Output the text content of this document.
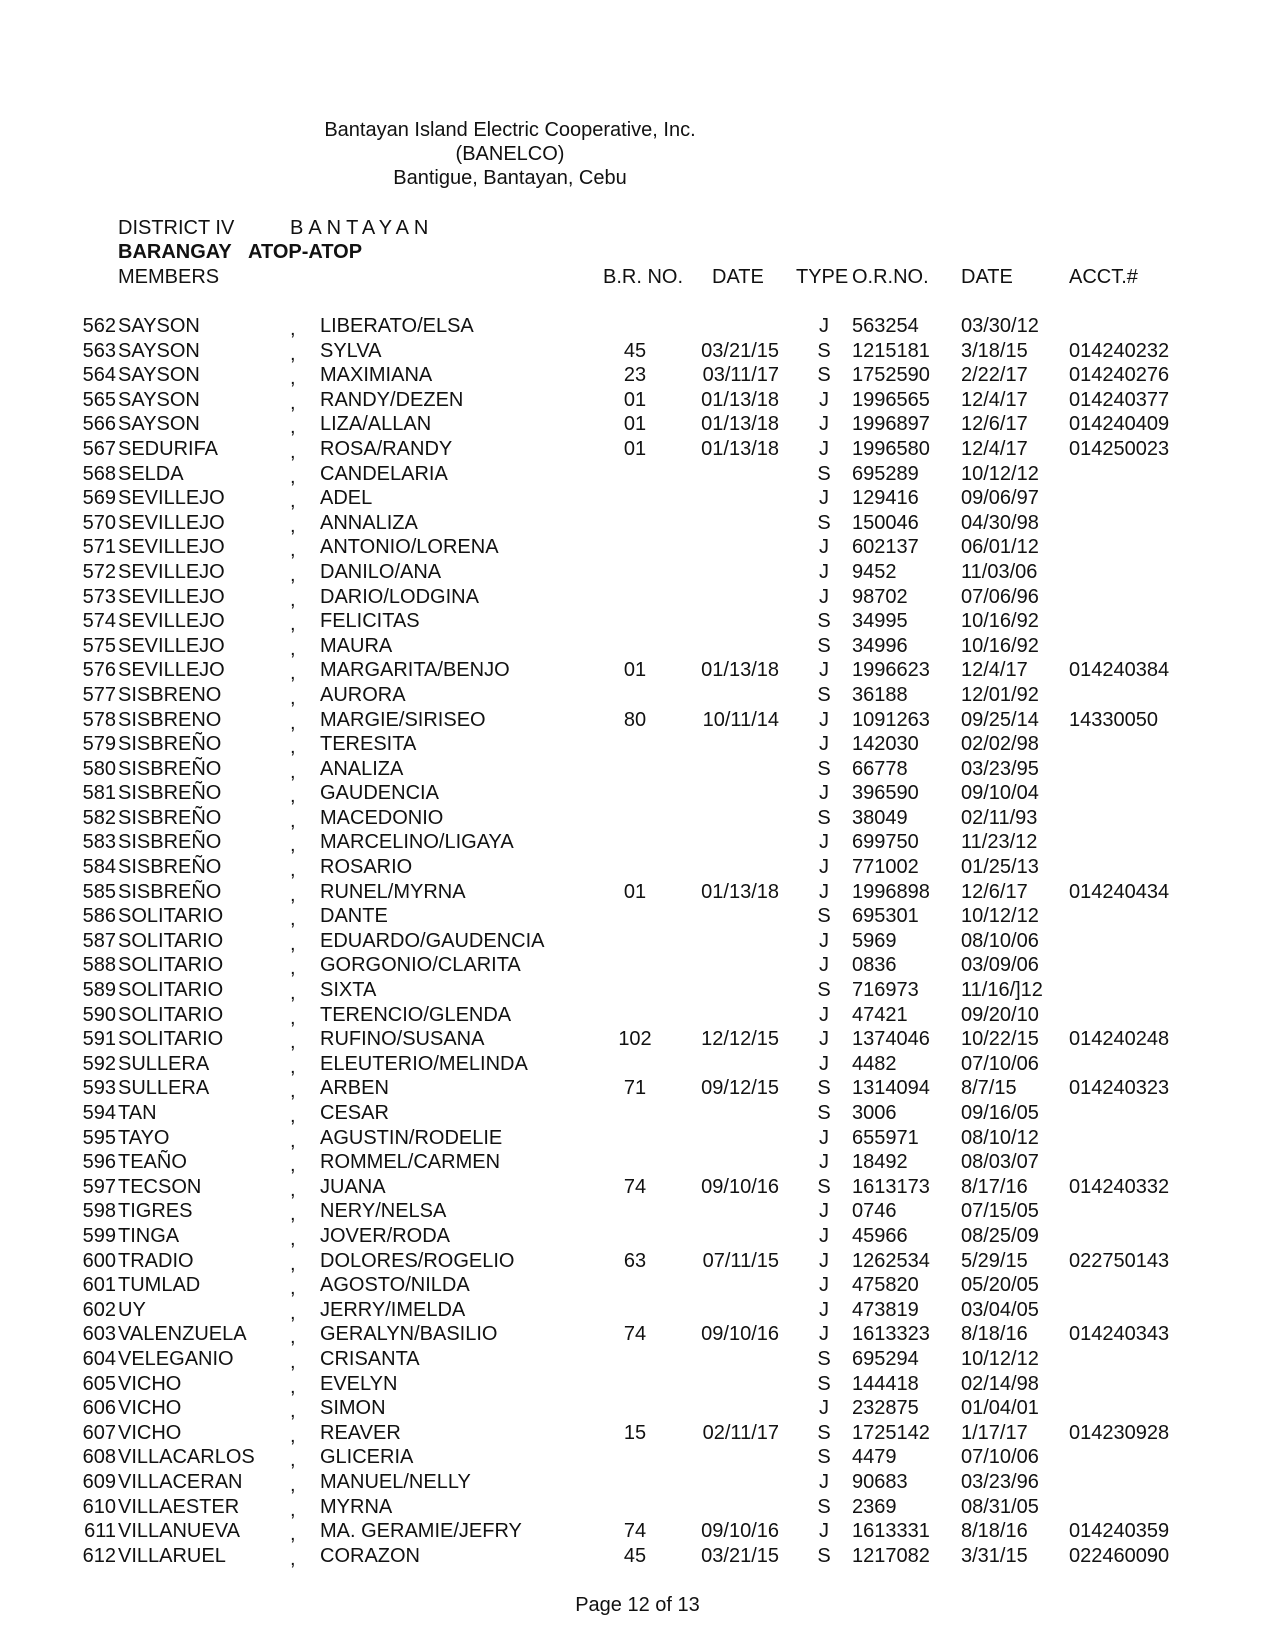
Bantayan Island Electric Cooperative, Inc.
(BANELCO)
Bantigue, Bantayan, Cebu
DISTRICT IV	BANTAYAN
BARANGAY ATOP-ATOP
MEMBERS	B.R. NO. DATE TYPE O.R.NO. DATE	ACCT.#
562 SAYSON	, LIBERATO/ELSA	J	563254 03/30/12
563 SAYSON	, SYLVA	45	03/21/15 S 1215181 3/18/15 014240232
564 SAYSON	, MAXIMIANA	23	03/11/17 S 1752590 2/22/17 014240276
565 SAYSON	, RANDY/DEZEN	01	01/13/18	J	1996565 12/4/17 014240377
566 SAYSON	, LIZA/ALLAN	01	01/13/18	J	1996897 12/6/17 014240409
567 SEDURIFA	, ROSA/RANDY	01	01/13/18	J	1996580 12/4/17 014250023
568 SELDA	, CANDELARIA	S 695289 10/12/12
569 SEVILLEJO	, ADEL	J	129416 09/06/97
570 SEVILLEJO	, ANNALIZA	S 150046 04/30/98
571 SEVILLEJO	, ANTONIO/LORENA	J	602137 06/01/12
572 SEVILLEJO	, DANILO/ANA	J	9452	11/03/06
573 SEVILLEJO	, DARIO/LODGINA	J	98702	07/06/96
574 SEVILLEJO	, FELICITAS	S 34995	10/16/92
575 SEVILLEJO	, MAURA	S 34996	10/16/92
576 SEVILLEJO	, MARGARITA/BENJO	01	01/13/18	J	1996623 12/4/17 014240384
577 SISBRENO	, AURORA	S 36188	12/01/92
578 SISBRENO	, MARGIE/SIRISEO	80	10/11/14	J	1091263 09/25/14 14330050
579 SISBREÑO	, TERESITA	J	142030 02/02/98
580 SISBREÑO	, ANALIZA	S 66778	03/23/95
581 SISBREÑO	, GAUDENCIA	J	396590 09/10/04
582 SISBREÑO	, MACEDONIO	S 38049	02/11/93
583 SISBREÑO	, MARCELINO/LIGAYA	J	699750 11/23/12
584 SISBREÑO	, ROSARIO	J	771002 01/25/13
585 SISBREÑO	, RUNEL/MYRNA	01	01/13/18	J	1996898 12/6/17 014240434
586 SOLITARIO	, DANTE	S 695301 10/12/12
587 SOLITARIO	, EDUARDO/GAUDENCIA	J	5969	08/10/06
588 SOLITARIO	, GORGONIO/CLARITA	J	0836	03/09/06
589 SOLITARIO	, SIXTA	S 716973 11/16/]12
590 SOLITARIO	, TERENCIO/GLENDA	J	47421	09/20/10
591 SOLITARIO	, RUFINO/SUSANA	102	12/12/15	J	1374046 10/22/15 014240248
592 SULLERA	, ELEUTERIO/MELINDA	J	4482	07/10/06
593 SULLERA	, ARBEN	71	09/12/15 S 1314094 8/7/15	014240323
594 TAN	, CESAR	S 3006	09/16/05
595 TAYO	, AGUSTIN/RODELIE	J	655971 08/10/12
596 TEAÑO	, ROMMEL/CARMEN	J	18492	08/03/07
597 TECSON	, JUANA	74	09/10/16 S 1613173 8/17/16 014240332
598 TIGRES	, NERY/NELSA	J	0746	07/15/05
599 TINGA	, JOVER/RODA	J	45966	08/25/09
600 TRADIO	, DOLORES/ROGELIO	63	07/11/15	J	1262534 5/29/15 022750143
601 TUMLAD	, AGOSTO/NILDA	J	475820 05/20/05
602 UY	, JERRY/IMELDA	J	473819 03/04/05
603 VALENZUELA , GERALYN/BASILIO	74	09/10/16	J	1613323 8/18/16 014240343
604 VELEGANIO	, CRISANTA	S 695294 10/12/12
605 VICHO	, EVELYN	S 144418 02/14/98
606 VICHO	, SIMON	J	232875 01/04/01
607 VICHO	, REAVER	15	02/11/17 S 1725142 1/17/17 014230928
608 VILLACARLOS , GLICERIA	S 4479	07/10/06
609 VILLACERAN , MANUEL/NELLY	J	90683	03/23/96
610 VILLAESTER	, MYRNA	S 2369	08/31/05
611 VILLANUEVA	, MA. GERAMIE/JEFRY	74	09/10/16	J	1613331 8/18/16 014240359
612 VILLARUEL	, CORAZON	45	03/21/15 S 1217082 3/31/15 022460090
Page 12 of 13
